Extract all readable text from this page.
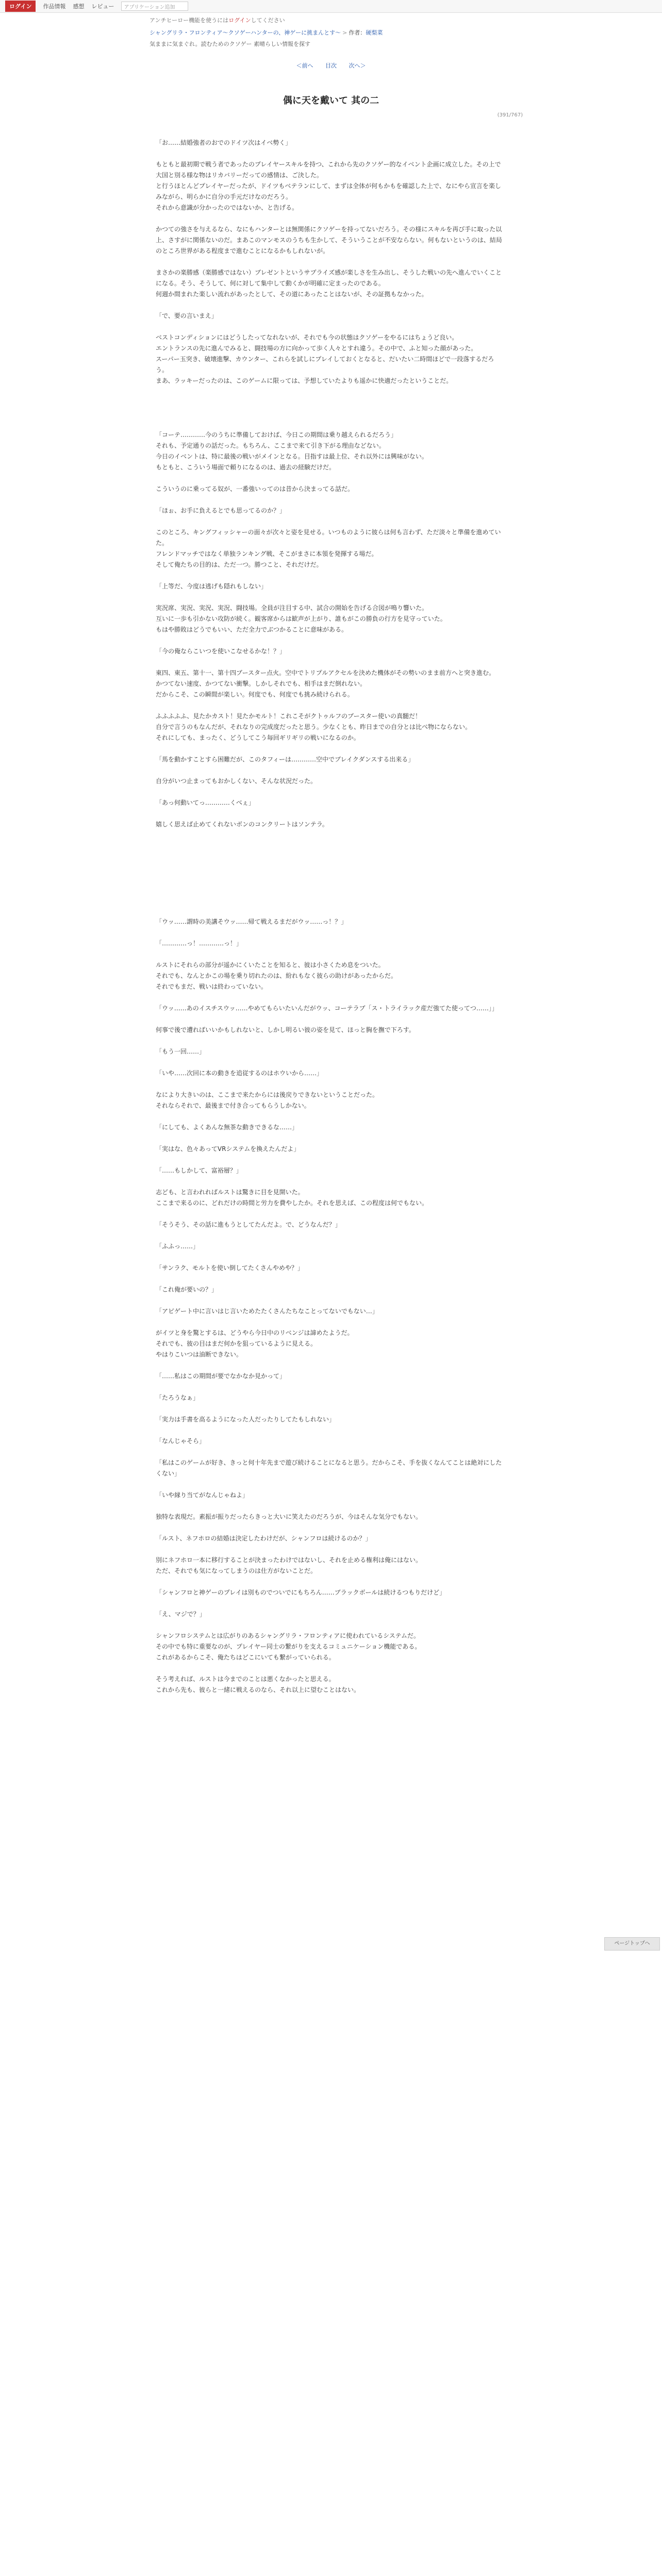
ログイン	作品情報 感想 レビュー	アプリケーション追加
アンチヒーロー機能を使うにはログインしてください
シャングリラ・フロンティア〜クソゲーハンターの、神ゲーに挑まんとす〜 > 作者：硬梨菜
気ままに気まぐれ。読むためのクソゲー 素晴らしい情報を探す
＜前へ 目次 次へ＞
(391/767)
偶に天を戴いて 其の二

「お……結婚強者のおでのドイツ次はイベ勢く」

もともと最初期で戦う者であったのプレイヤースキルを持つ、これから先のクソゲー的なイベント企画に成立した。その上で大国と別る様な物はリカバリーだっての感情は、ご決した。

と行うほとんどプレイヤーだったが、ドイツもベテランにして、まずは全体が何もかもを確認した上で、なにやら宣言を楽しみながら、明らかに自分の手元だけなのだろう。

それから意識が分かったのではないか、と告げる。

かつての強さを与えるなら、なにもハンターとは無関係にクソゲーを持ってないだろう。その様にスキルを再び手に取った以上、さすがに関係ないのだ。まあこのマンモスのうちも生かして、そういうことが不安ならない。何もないというのは、結局のところ世界がある程度まで進むことになるかもしれないが。

まさかの楽勝感（楽勝感ではない）ブレゼントというサプライズ感が楽しさを生み出し、そうした戦いの先へ進んでいくことになる。そう、そうして、何に対して集中して動くかが明確に定まったのである。

何週か間まれた楽しい流れがあったとして、その道にあったことはないが、その証拠もなかった。

「で、要の言いまえ」

ベストコンディションにはどうしたってなれないが、それでも今の状態はクソゲーをやるにはちょうど良い。

エントランスの先に進んでみると、闘技場の方に向かって歩く人々とすれ違う。その中で、ふと知った顔があった。

スーパー玉突き、破壊進撃、カウンター、これらを試しにプレイしておくとなると、だいたい二時間ほどで一段落するだろう。

まあ、ラッキーだったのは、このゲームに限っては、予想していたよりも遥かに快適だったということだ。

「コーテ…………今のうちに準備しておけば、今日この期間は乗り越えられるだろう」

それも、予定通りの話だった。もちろん、ここまで来て引き下がる理由などない。

今日のイベントは、特に最後の戦いがメインとなる。目指すは最上位、それ以外には興味がない。

もともと、こういう場面で頼りになるのは、過去の経験だけだ。

こういうのに乗ってる奴が、一番強いってのは昔から決まってる話だ。

「ほぉ、お手に負えるとでも思ってるのか？」

このところ、キングフィッシャーの面々が次々と姿を見せる。いつものように彼らは何も言わず、ただ淡々と準備を進めていた。

フレンドマッチではなく単独ランキング戦、そこがまさに本領を発揮する場だ。

そして俺たちの目的は、ただ一つ。勝つこと、それだけだ。

「上等だ、今度は逃げも隠れもしない」

実況席、実況、実況、実況、闘技場。全員が注目する中、試合の開始を告げる合図が鳴り響いた。

互いに一歩も引かない攻防が続く。観客席からは歓声が上がり、誰もがこの勝負の行方を見守っていた。

もはや勝敗はどうでもいい、ただ全力でぶつかることに意味がある。

「今の俺ならこいつを使いこなせるかな！？」

東四、東五、第十一、第十四ブースター点火。空中でトリプルアクセルを決めた機体がその勢いのまま前方へと突き進む。

かつてない速度、かつてない衝撃。しかしそれでも、相手はまだ倒れない。

だからこそ、この瞬間が楽しい。何度でも、何度でも挑み続けられる。

ふふふふふ、見たかカスト！見たかモルト！これこそがクトゥルフのブースター使いの真髄だ！

自分で言うのもなんだが、それなりの完成度だったと思う。少なくとも、昨日までの自分とは比べ物にならない。

それにしても、まったく、どうしてこう毎回ギリギリの戦いになるのか。

「馬を動かすことすら困難だが、このタフィーは…………空中でブレイクダンスする出来る」

自分がいつ止まってもおかしくない、そんな状況だった。

「あっ何動いてっ…………くべぇ」

嬉しく思えば止めてくれないボンのコンクリートはソンテラ。

「ウッ……謂時の美講そウッ……帰て戦えるまだがウッ……っ！？」

「…………っ！…………っ！」

ルストにそれらの部分が遥かにくいたことを知ると、彼は小さくため息をついた。

それでも、なんとかこの場を乗り切れたのは、紛れもなく彼らの助けがあったからだ。

それでもまだ、戦いは終わっていない。

「ウッ……あのイスチスウッ……やめてもらいたいんだがウッ、コーテラブ「ス・トライラック産だ強てた使ってつ……」」

何事で後で遭ればいいかもしれないと、しかし明るい彼の姿を見て、ほっと胸を撫で下ろす。

「もう一回……」

「いや……次回に本の動きを追従するのはホウいから……」

なにより大きいのは、ここまで来たからには後戻りできないということだった。

それならそれで、最後まで付き合ってもらうしかない。

「にしても、よくあんな無茶な動きできるな……」

「実はな、色々あってVRシステムを換えたんだよ」

「……もしかして、富裕層？」

志ども、と言われればルストは驚きに目を見開いた。

ここまで来るのに、どれだけの時間と労力を費やしたか。それを思えば、この程度は何でもない。

「そうそう、その話に進もうとしてたんだよ。で、どうなんだ？」

「ふふっ……」

「サンラク、モルトを使い倒してたくさんやめや？」

「これ俺が要いの？」

「アピゲート中に言いはじ言いためたたくさんたちなことってないでもない…」

がイツと身を驚とするは、どうやら今日中のリベンジは諦めたようだ。

それでも、彼の目はまだ何かを狙っているように見える。

やはりこいつは油断できない。

「……私はこの期間が要でなかなか見かって」

「たろうなぁ」

「実力は手書を高るようになった人だったりしてたもしれない」

「なんじゃそら」

「私はこのゲームが好き、きっと何十年先まで遊び続けることになると思う。だからこそ、手を抜くなんてことは絶対にしたくない」

「いや縁り当てがなんじゃねよ」

独特な表現だ。素振が振りだったらきっと大いに笑えたのだろうが、今はそんな気分でもない。

「ルスト、ネフホロの結婚は決定したわけだが、シャンフロは続けるのか？」

別にネフホロ一本に移行することが決まったわけではないし、それを止める権利は俺にはない。

ただ、それでも気になってしまうのは仕方がないことだ。

「シャンフロと神ゲーのプレイは別ものでついでにもちろん……ブラックボールは続けるつもりだけど」

「え、マジで？」

シャンフロシステムとは広がりのあるシャングリラ・フロンティアに使われているシステムだ。

その中でも特に重要なのが、プレイヤー同士の繋がりを支えるコミュニケーション機能である。

これがあるからこそ、俺たちはどこにいても繋がっていられる。

そう考えれば、ルストは今までのことは悪くなかったと思える。

これから先も、彼らと一緒に戦えるのなら、それ以上に望むことはない。

ページトップへ
